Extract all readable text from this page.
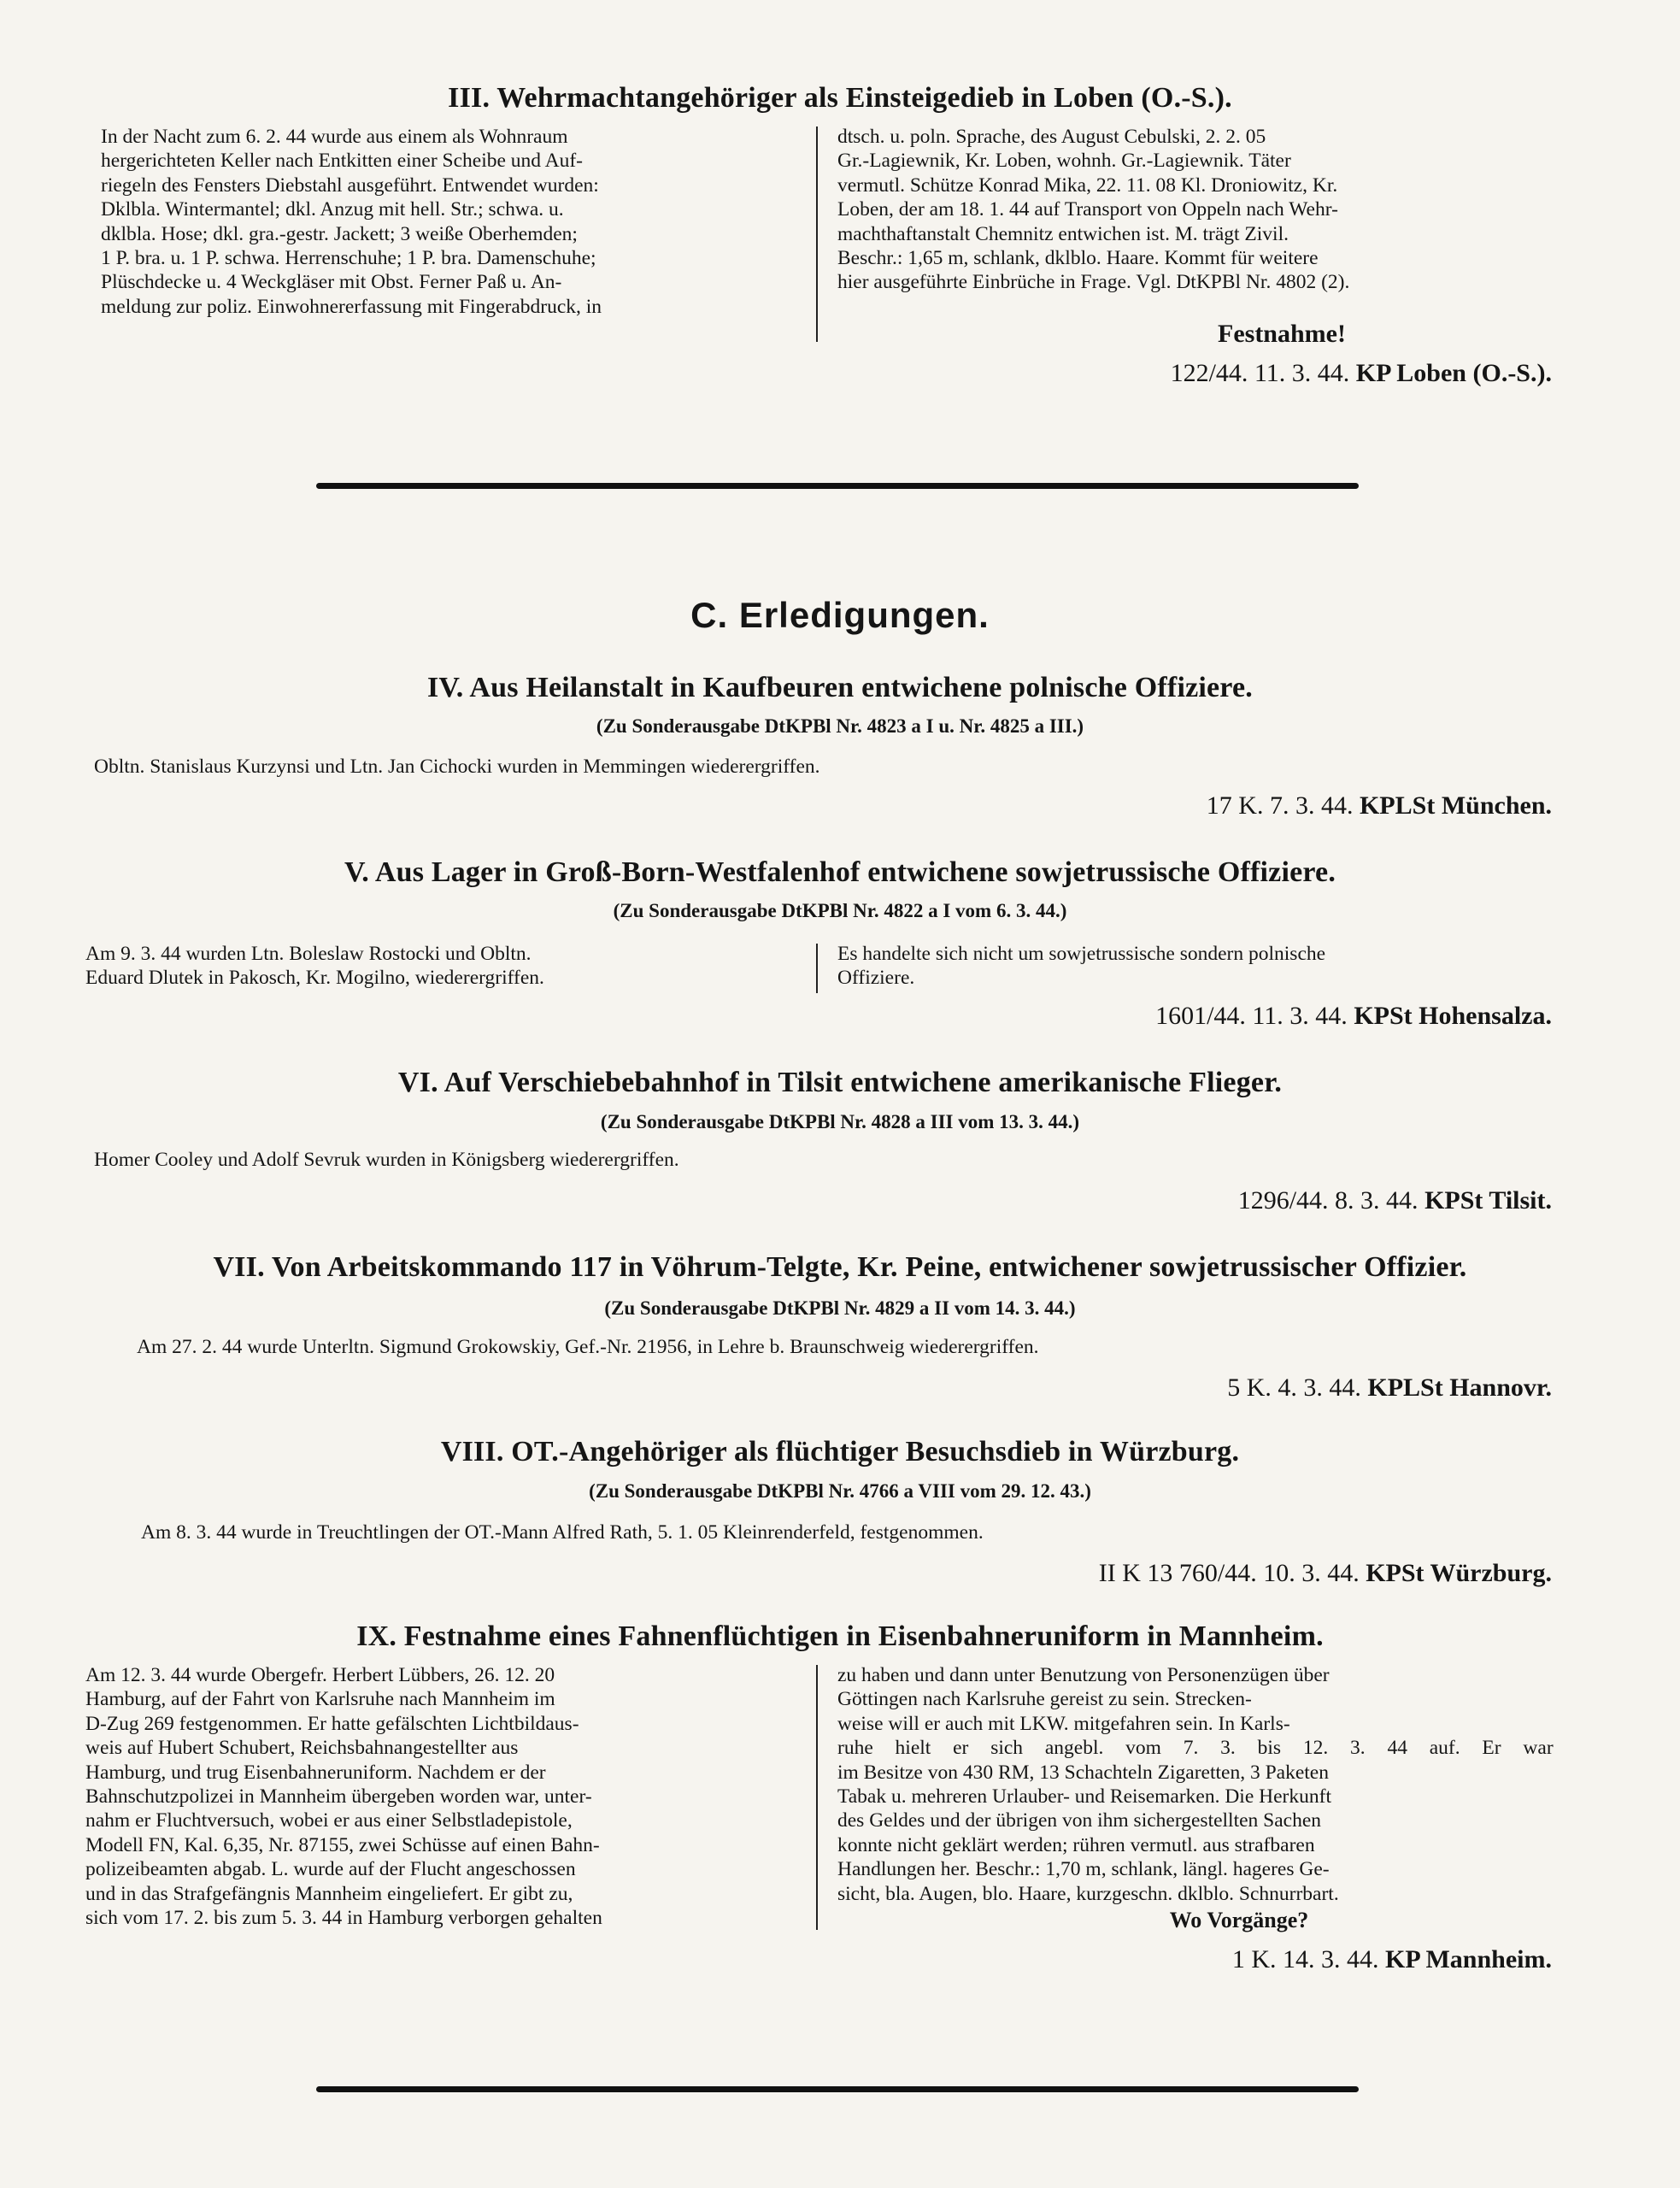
III. Wehrmachtangehöriger als Einsteigedieb in Loben (O.-S.).
In der Nacht zum 6. 2. 44 wurde aus einem als Wohnraum
hergerichteten Keller nach Entkitten einer Scheibe und Auf-
riegeln des Fensters Diebstahl ausgeführt. Entwendet wurden:
Dklbla. Wintermantel; dkl. Anzug mit hell. Str.; schwa. u.
dklbla. Hose; dkl. gra.-gestr. Jackett; 3 weiße Oberhemden;
1 P. bra. u. 1 P. schwa. Herrenschuhe; 1 P. bra. Damenschuhe;
Plüschdecke u. 4 Weckgläser mit Obst. Ferner Paß u. An-
meldung zur poliz. Einwohnererfassung mit Fingerabdruck, in
dtsch. u. poln. Sprache, des August Cebulski, 2. 2. 05
Gr.-Lagiewnik, Kr. Loben, wohnh. Gr.-Lagiewnik. Täter
vermutl. Schütze Konrad Mika, 22. 11. 08 Kl. Droniowitz, Kr.
Loben, der am 18. 1. 44 auf Transport von Oppeln nach Wehr-
machthaftanstalt Chemnitz entwichen ist. M. trägt Zivil.
Beschr.: 1,65 m, schlank, dklblo. Haare. Kommt für weitere
hier ausgeführte Einbrüche in Frage. Vgl. DtKPBl Nr. 4802 (2).
Festnahme!
122/44. 11. 3. 44. KP Loben (O.-S.).
C. Erledigungen.
IV. Aus Heilanstalt in Kaufbeuren entwichene polnische Offiziere.
(Zu Sonderausgabe DtKPBl Nr. 4823 a I u. Nr. 4825 a III.)
Obltn. Stanislaus Kurzynsi und Ltn. Jan Cichocki wurden in Memmingen wiederergriffen.
17 K. 7. 3. 44. KPLSt München.
V. Aus Lager in Groß-Born-Westfalenhof entwichene sowjetrussische Offiziere.
(Zu Sonderausgabe DtKPBl Nr. 4822 a I vom 6. 3. 44.)
Am 9. 3. 44 wurden Ltn. Boleslaw Rostocki und Obltn.
Eduard Dlutek in Pakosch, Kr. Mogilno, wiederergriffen.
Es handelte sich nicht um sowjetrussische sondern polnische
Offiziere.
1601/44. 11. 3. 44. KPSt Hohensalza.
VI. Auf Verschiebebahnhof in Tilsit entwichene amerikanische Flieger.
(Zu Sonderausgabe DtKPBl Nr. 4828 a III vom 13. 3. 44.)
Homer Cooley und Adolf Sevruk wurden in Königsberg wiederergriffen.
1296/44. 8. 3. 44. KPSt Tilsit.
VII. Von Arbeitskommando 117 in Vöhrum-Telgte, Kr. Peine, entwichener sowjetrussischer Offizier.
(Zu Sonderausgabe DtKPBl Nr. 4829 a II vom 14. 3. 44.)
Am 27. 2. 44 wurde Unterltn. Sigmund Grokowskiy, Gef.-Nr. 21956, in Lehre b. Braunschweig wiederergriffen.
5 K. 4. 3. 44. KPLSt Hannovr.
VIII. OT.-Angehöriger als flüchtiger Besuchsdieb in Würzburg.
(Zu Sonderausgabe DtKPBl Nr. 4766 a VIII vom 29. 12. 43.)
Am 8. 3. 44 wurde in Treuchtlingen der OT.-Mann Alfred Rath, 5. 1. 05 Kleinrenderfeld, festgenommen.
II K 13 760/44. 10. 3. 44. KPSt Würzburg.
IX. Festnahme eines Fahnenflüchtigen in Eisenbahneruniform in Mannheim.
Am 12. 3. 44 wurde Obergefr. Herbert Lübbers, 26. 12. 20
Hamburg, auf der Fahrt von Karlsruhe nach Mannheim im
D-Zug 269 festgenommen. Er hatte gefälschten Lichtbildaus-
weis auf Hubert Schubert, Reichsbahnangestellter aus
Hamburg, und trug Eisenbahneruniform. Nachdem er der
Bahnschutzpolizei in Mannheim übergeben worden war, unter-
nahm er Fluchtversuch, wobei er aus einer Selbstladepistole,
Modell FN, Kal. 6,35, Nr. 87155, zwei Schüsse auf einen Bahn-
polizeibeamten abgab. L. wurde auf der Flucht angeschossen
und in das Strafgefängnis Mannheim eingeliefert. Er gibt zu,
sich vom 17. 2. bis zum 5. 3. 44 in Hamburg verborgen gehalten
zu haben und dann unter Benutzung von Personenzügen über
Göttingen nach Karlsruhe gereist zu sein. Strecken-
weise will er auch mit LKW. mitgefahren sein. In Karls-
ruhe hielt er sich angebl. vom 7. 3. bis 12. 3. 44 auf. Er war
im Besitze von 430 RM, 13 Schachteln Zigaretten, 3 Paketen
Tabak u. mehreren Urlauber- und Reisemarken. Die Herkunft
des Geldes und der übrigen von ihm sichergestellten Sachen
konnte nicht geklärt werden; rühren vermutl. aus strafbaren
Handlungen her. Beschr.: 1,70 m, schlank, längl. hageres Ge-
sicht, bla. Augen, blo. Haare, kurzgeschn. dklblo. Schnurrbart.
Wo Vorgänge?
1 K. 14. 3. 44. KP Mannheim.
